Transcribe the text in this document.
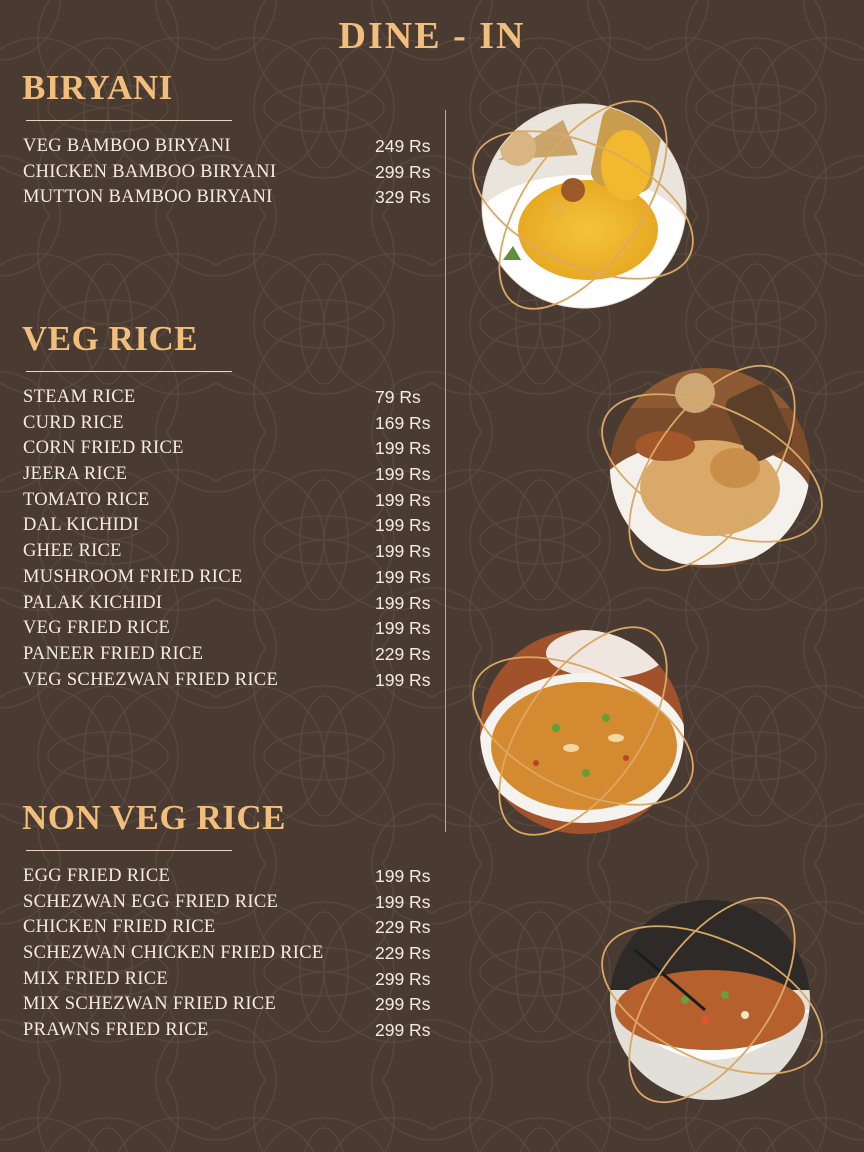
DINE - IN
BIRYANI
VEG BAMBOO BIRYANI	249 Rs
CHICKEN BAMBOO BIRYANI	299 Rs
MUTTON BAMBOO BIRYANI	329 Rs
VEG RICE
STEAM RICE	79 Rs
CURD RICE	169 Rs
CORN FRIED RICE	199 Rs
JEERA RICE	199 Rs
TOMATO RICE	199 Rs
DAL KICHIDI	199 Rs
GHEE RICE	199 Rs
MUSHROOM FRIED RICE	199 Rs
PALAK KICHIDI	199 Rs
VEG FRIED RICE	199 Rs
PANEER FRIED RICE	229 Rs
VEG SCHEZWAN FRIED RICE	199 Rs
NON VEG RICE
EGG FRIED RICE	199 Rs
SCHEZWAN EGG FRIED RICE	199 Rs
CHICKEN FRIED RICE	229 Rs
SCHEZWAN CHICKEN FRIED RICE	229 Rs
MIX FRIED RICE	299 Rs
MIX SCHEZWAN FRIED RICE	299 Rs
PRAWNS FRIED RICE	299 Rs
